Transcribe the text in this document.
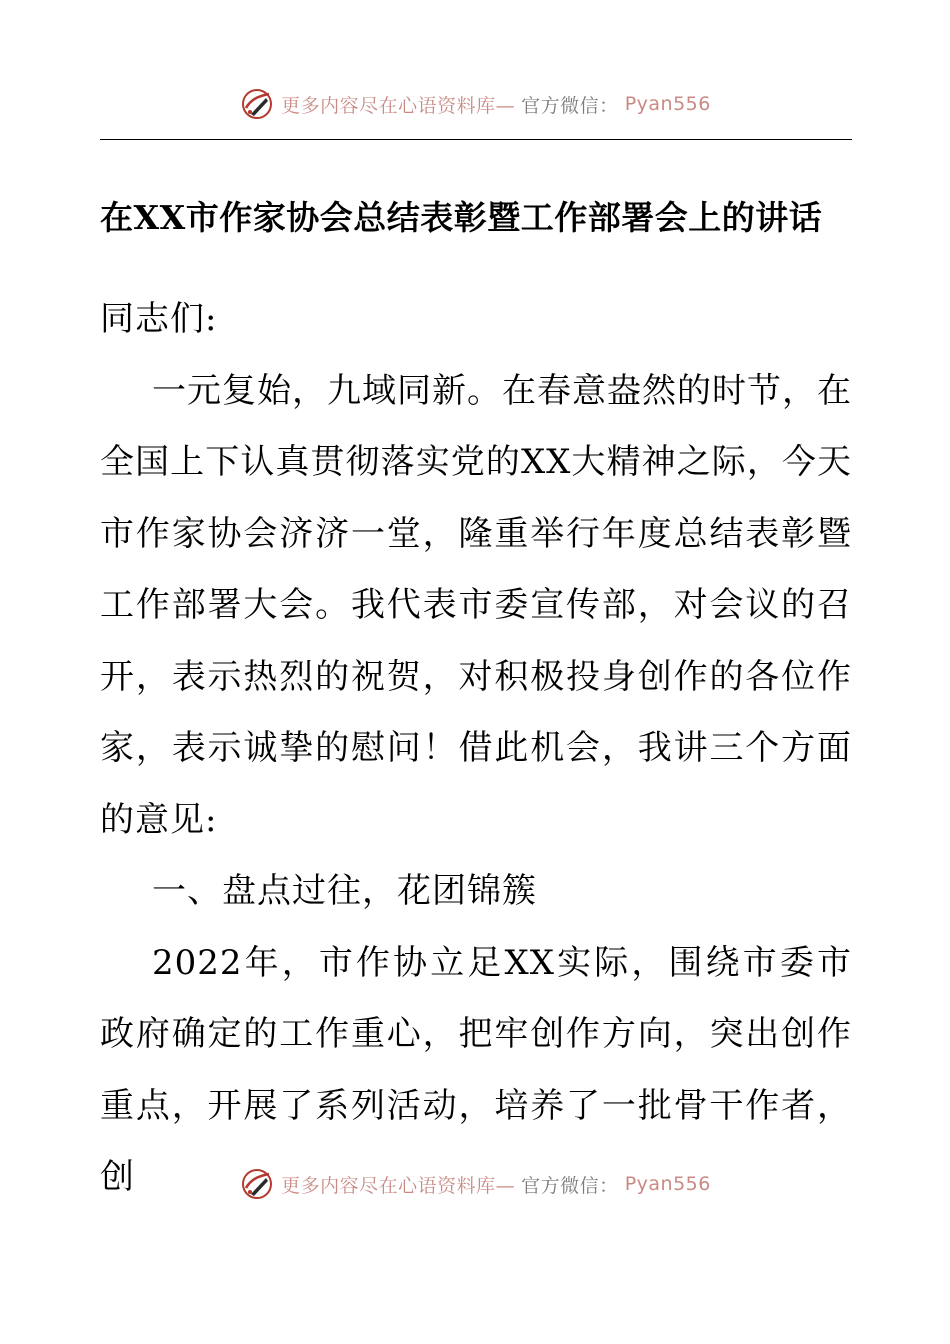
更多内容尽在心语资料库— 官方微信： Pyan556
在XX市作家协会总结表彰暨工作部署会上的讲话

同志们:

一元复始，九域同新。在春意盎然的时节，在全国上下认真贯彻落实党的XX大精神之际，今天市作家协会济济一堂，隆重举行年度总结表彰暨工作部署大会。我代表市委宣传部，对会议的召开，表示热烈的祝贺，对积极投身创作的各位作家，表示诚挚的慰问！借此机会，我讲三个方面的意见:

一、盘点过往，花团锦簇

2022年，市作协立足XX实际，围绕市委市政府确定的工作重心，把牢创作方向，突出创作重点，开展了系列活动，培养了一批骨干作者，创	更多内容尽在心语资料库— 官方微信： Pyan556
